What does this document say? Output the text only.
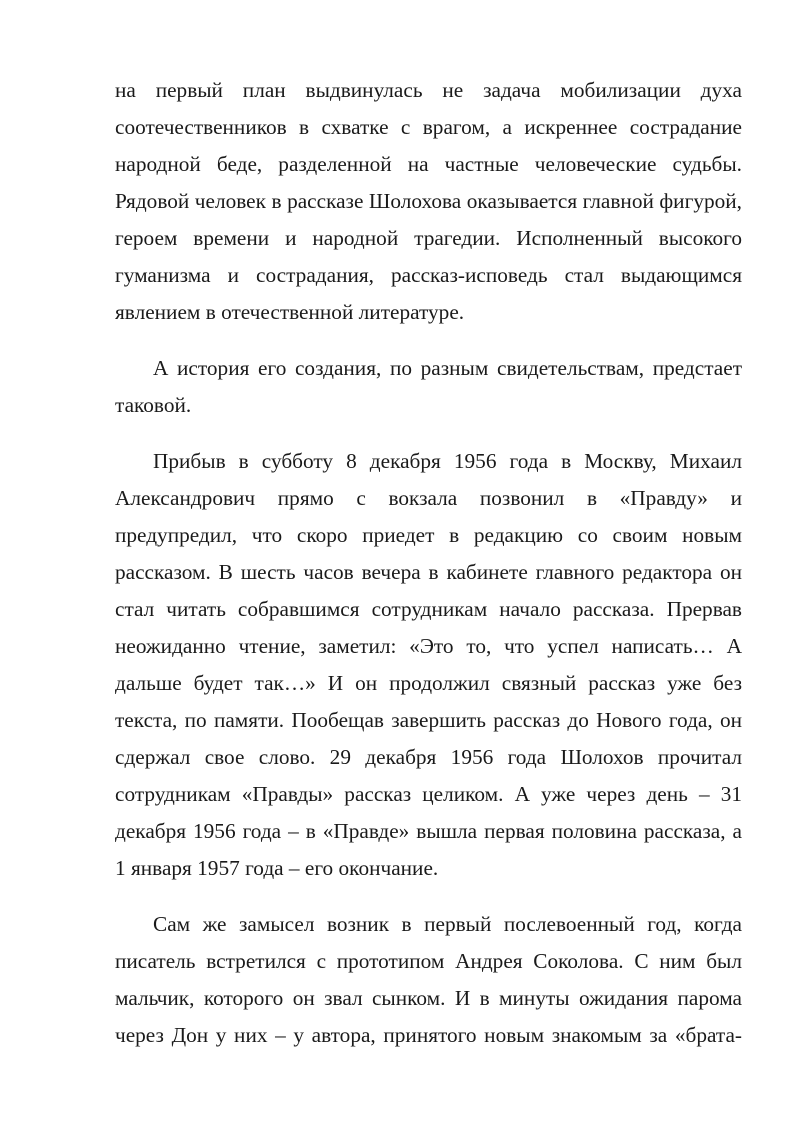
на первый план выдвинулась не задача мобилизации духа
соотечественников в схватке с врагом, а искреннее сострадание
народной беде, разделенной на частные человеческие судьбы.
Рядовой человек в рассказе Шолохова оказывается главной фигурой,
героем времени и народной трагедии. Исполненный высокого
гуманизма и сострадания, рассказ-исповедь стал выдающимся
явлением в отечественной литературе.

А история его создания, по разным свидетельствам, предстает
таковой.

Прибыв в субботу 8 декабря 1956 года в Москву, Михаил
Александрович прямо с вокзала позвонил в «Правду» и
предупредил, что скоро приедет в редакцию со своим новым
рассказом. В шесть часов вечера в кабинете главного редактора он
стал читать собравшимся сотрудникам начало рассказа. Прервав
неожиданно чтение, заметил: «Это то, что успел написать… А
дальше будет так…» И он продолжил связный рассказ уже без
текста, по памяти. Пообещав завершить рассказ до Нового года, он
сдержал свое слово. 29 декабря 1956 года Шолохов прочитал
сотрудникам «Правды» рассказ целиком. А уже через день – 31
декабря 1956 года – в «Правде» вышла первая половина рассказа, а
1 января 1957 года – его окончание.

Сам же замысел возник в первый послевоенный год, когда
писатель встретился с прототипом Андрея Соколова. С ним был
мальчик, которого он звал сынком. И в минуты ожидания парома
через Дон у них – у автора, принятого новым знакомым за «брата-
